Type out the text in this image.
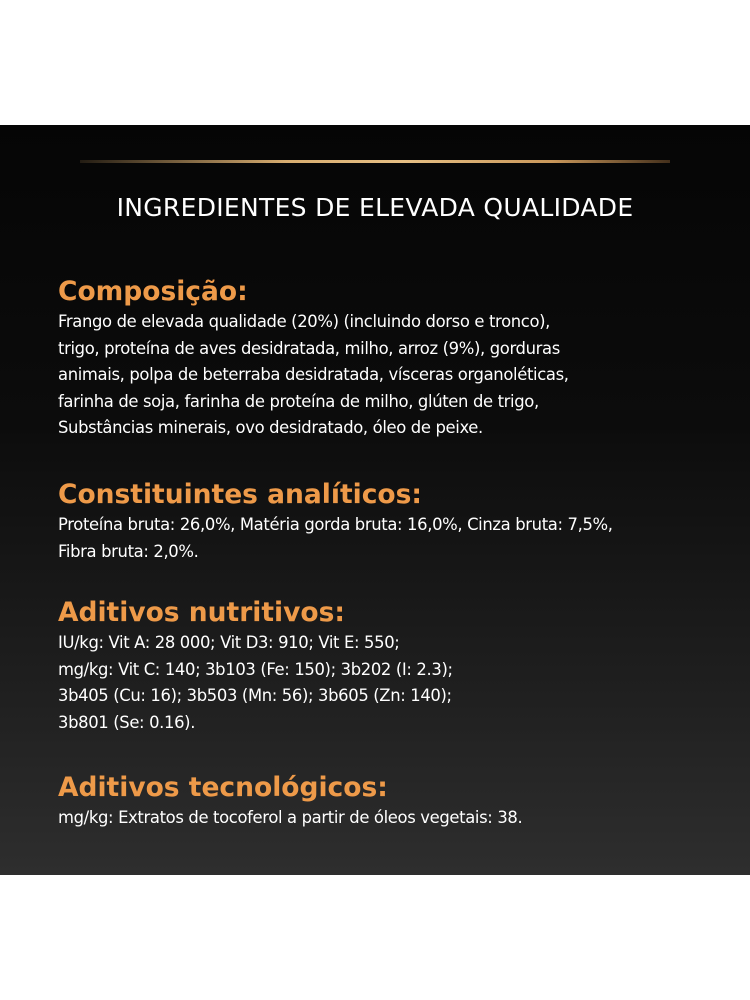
INGREDIENTES DE ELEVADA QUALIDADE
Composição:
Frango de elevada qualidade (20%) (incluindo dorso e tronco),
trigo, proteína de aves desidratada, milho, arroz (9%), gorduras
animais, polpa de beterraba desidratada, vísceras organoléticas,
farinha de soja, farinha de proteína de milho, glúten de trigo,
Substâncias minerais, ovo desidratado, óleo de peixe.
Constituintes analíticos:
Proteína bruta: 26,0%, Matéria gorda bruta: 16,0%, Cinza bruta: 7,5%,
Fibra bruta: 2,0%.
Aditivos nutritivos:
IU/kg: Vit A: 28 000; Vit D3: 910; Vit E: 550;
mg/kg: Vit C: 140; 3b103 (Fe: 150); 3b202 (I: 2.3);
3b405 (Cu: 16); 3b503 (Mn: 56); 3b605 (Zn: 140);
3b801 (Se: 0.16).
Aditivos tecnológicos:
mg/kg: Extratos de tocoferol a partir de óleos vegetais: 38.
